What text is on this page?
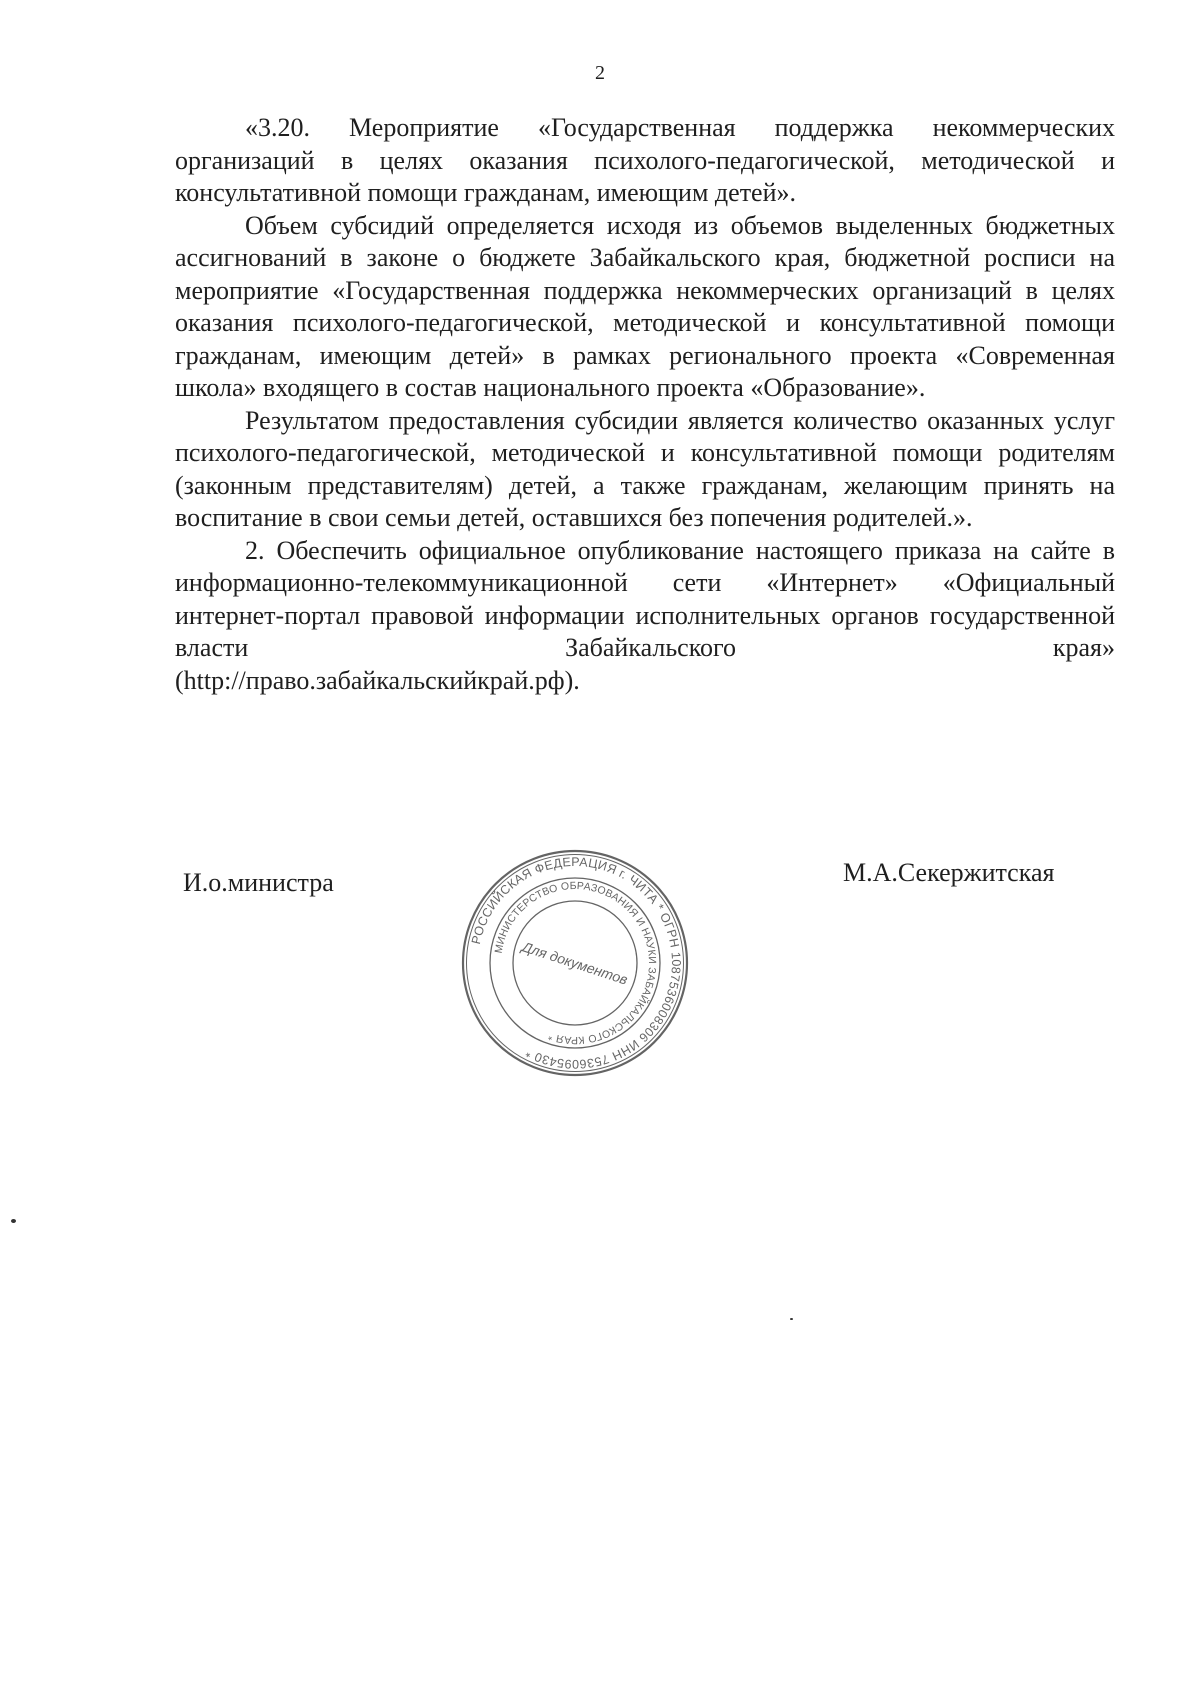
2

«3.20. Мероприятие «Государственная поддержка некоммерческих организаций в целях оказания психолого-педагогической, методической и консультативной помощи гражданам, имеющим детей».

Объем субсидий определяется исходя из объемов выделенных бюджетных ассигнований в законе о бюджете Забайкальского края, бюджетной росписи на мероприятие «Государственная поддержка некоммерческих организаций в целях оказания психолого-педагогической, методической и консультативной помощи гражданам, имеющим детей» в рамках регионального проекта «Современная школа» входящего в состав национального проекта «Образование».

Результатом предоставления субсидии является количество оказанных услуг психолого-педагогической, методической и консультативной помощи родителям (законным представителям) детей, а также гражданам, желающим принять на воспитание в свои семьи детей, оставшихся без попечения родителей.».

2. Обеспечить официальное опубликование настоящего приказа на сайте в информационно-телекоммуникационной сети «Интернет» «Официальный интернет-портал правовой информации исполнительных органов государственной власти Забайкальского края»

(http://право.забайкальскийкрай.рф).

И.о.министра	М.А.Секержитская
РОССИЙСКАЯ ФЕДЕРАЦИЯ г. ЧИТА * ОГРН 1087536008306 ИНН 7536095430 *
МИНИСТЕРСТВО ОБРАЗОВАНИЯ И НАУКИ ЗАБАЙКАЛЬСКОГО КРАЯ *
Для документов
